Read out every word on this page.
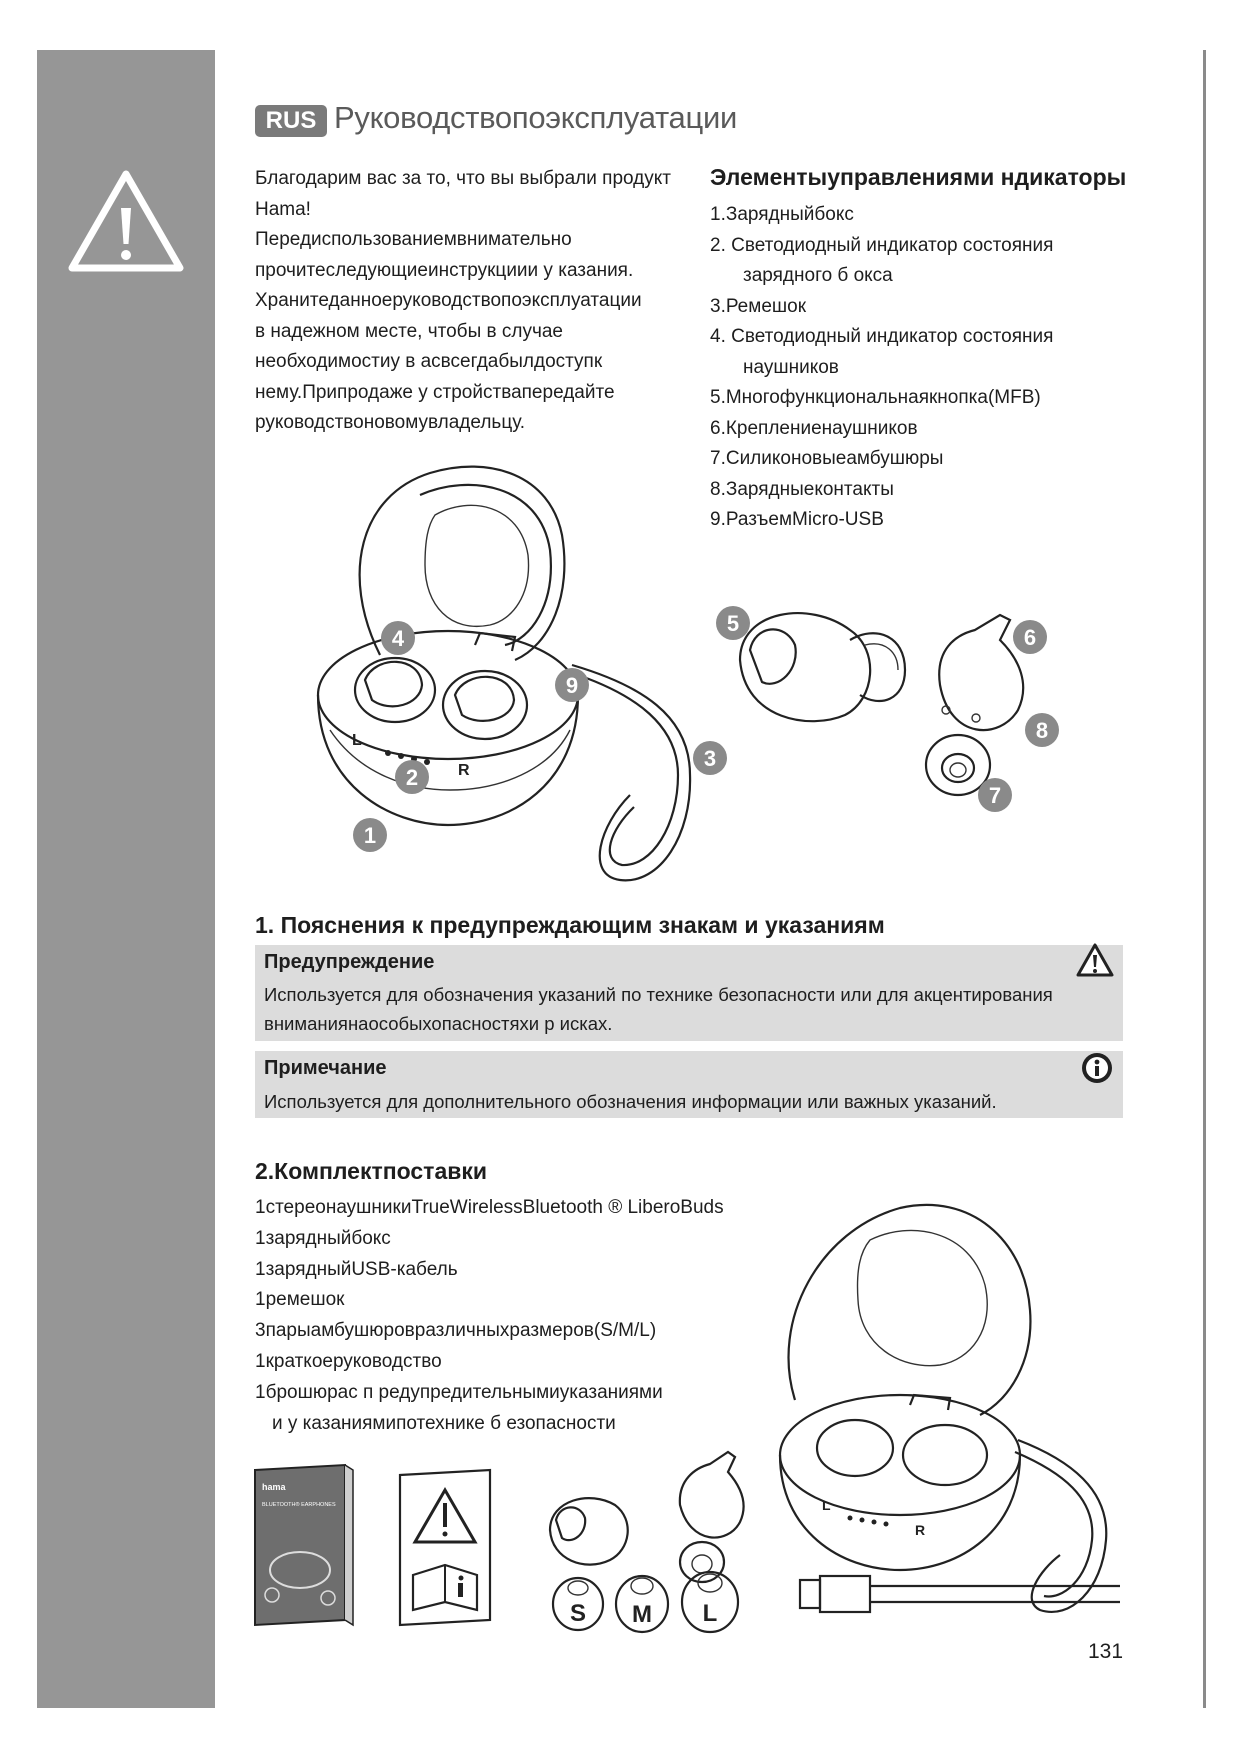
RUS Руководствопоэксплуатации
Благодарим вас за то, что вы выбрали продукт
Hama!
Передиспользованиемвнимательно
прочитеследующиеинструкциии у казания.
Хранитеданноеруководствопоэксплуатации
в надежном месте, чтобы в случае
необходимостиу в асвсегдабылдоступк
нему.Припродаже у стройствапередайте
руководствоновомувладельцу.
Элементыуправлениями ндикаторы
1.Зарядныйбокс
2. Светодиодный индикатор состояния
зарядного б окса
3.Ремешок
4. Светодиодный индикатор состояния
наушников
5.Многофункциональнаякнопка(MFB)
6.Креплениенаушников
7.Силиконовыеамбушюры
8.Зарядныеконтакты
9.РазъемMicro-USB
L
R
4
9
3
2
1
5
6
8
7
1. Пояснения к предупреждающим знакам и указаниям
Предупреждение
Используется для обозначения указаний по технике безопасности или для акцентирования
вниманиянаособыхопасностяхи р исках.
Примечание
Используется для дополнительного обозначения информации или важных указаний.
2.Комплектпоставки
1стереонаушникиTrueWirelessBluetooth ® LiberoBuds
1зарядныйбокс
1зарядныйUSB-кабель
1ремешок
3парыамбушюровразличныхразмеров(S/M/L)
1краткоеруководство
1брошюрас п редупредительнымиуказаниями
и у казаниямипотехнике б езопасности
hama
BLUETOOTH® EARPHONES
S M L
L
R
131
